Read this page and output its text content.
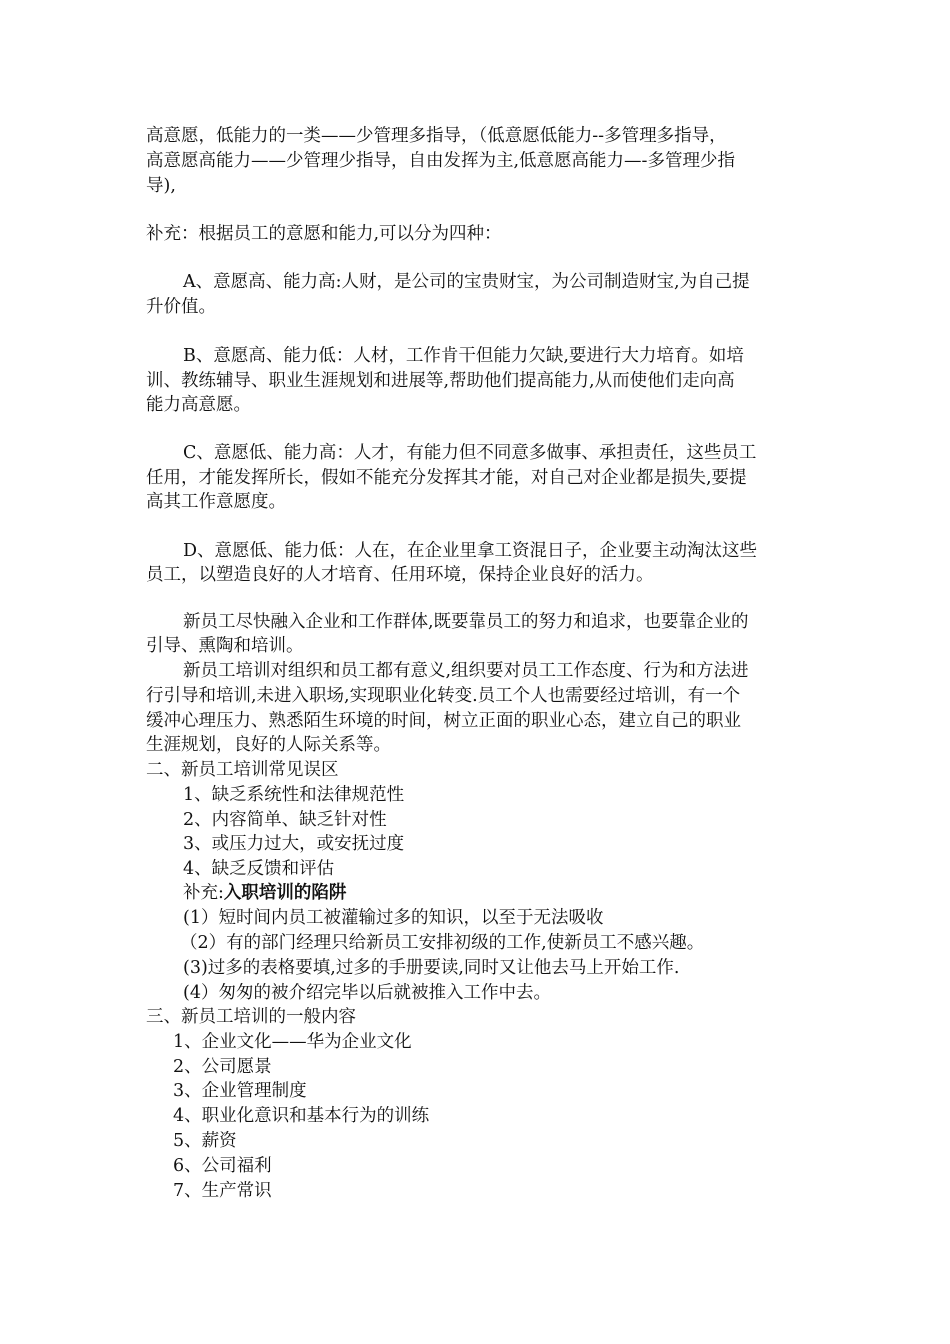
高意愿，低能力的一类——少管理多指导，（低意愿低能力--多管理多指导，
高意愿高能力——少管理少指导，自由发挥为主,低意愿高能力—-多管理少指
导),
补充：根据员工的意愿和能力,可以分为四种：
A、意愿高、能力高:人财，是公司的宝贵财宝，为公司制造财宝,为自己提
升价值。
B、意愿高、能力低：人材，工作肯干但能力欠缺,要进行大力培育。如培
训、教练辅导、职业生涯规划和进展等,帮助他们提高能力,从而使他们走向高
能力高意愿。
C、意愿低、能力高：人才，有能力但不同意多做事、承担责任，这些员工
任用，才能发挥所长，假如不能充分发挥其才能，对自己对企业都是损失,要提
高其工作意愿度。
D、意愿低、能力低：人在，在企业里拿工资混日子，企业要主动淘汰这些
员工，以塑造良好的人才培育、任用环境，保持企业良好的活力。
新员工尽快融入企业和工作群体,既要靠员工的努力和追求，也要靠企业的
引导、熏陶和培训。
新员工培训对组织和员工都有意义,组织要对员工工作态度、行为和方法进
行引导和培训,未进入职场,实现职业化转变.员工个人也需要经过培训，有一个
缓冲心理压力、熟悉陌生环境的时间，树立正面的职业心态，建立自己的职业
生涯规划，良好的人际关系等。
二、新员工培训常见误区
1、缺乏系统性和法律规范性
2、内容简单、缺乏针对性
3、或压力过大，或安抚过度
4、缺乏反馈和评估
补充:入职培训的陷阱
(1）短时间内员工被灌输过多的知识，以至于无法吸收
（2）有的部门经理只给新员工安排初级的工作,使新员工不感兴趣。
(3)过多的表格要填,过多的手册要读,同时又让他去马上开始工作.
(4）匆匆的被介绍完毕以后就被推入工作中去。
三、新员工培训的一般内容
1、企业文化——华为企业文化
2、公司愿景
3、企业管理制度
4、职业化意识和基本行为的训练
5、薪资
6、公司福利
7、生产常识
